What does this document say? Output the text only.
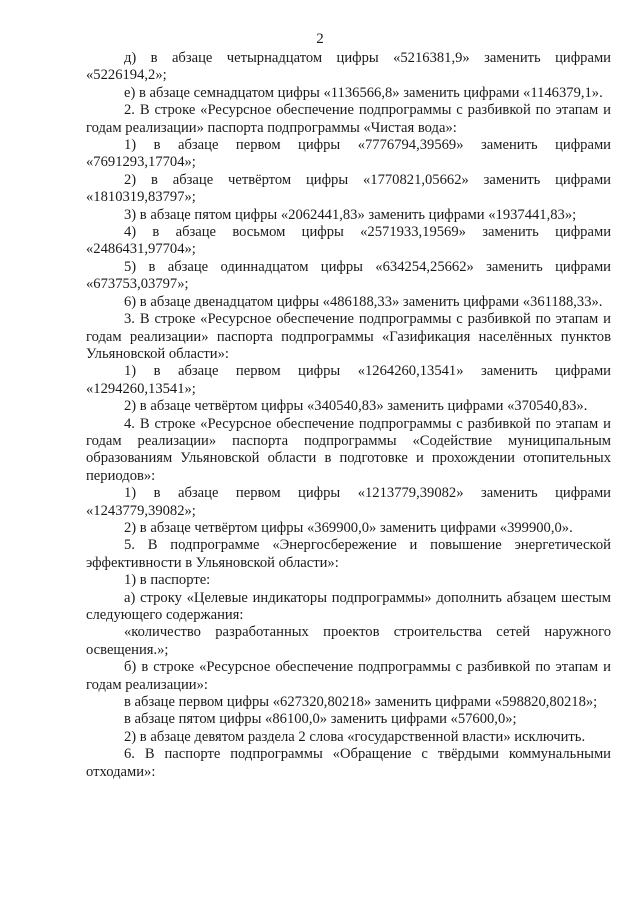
2

д) в абзаце четырнадцатом цифры «5216381,9» заменить цифрами «5226194,2»;

е) в абзаце семнадцатом цифры «1136566,8» заменить цифрами «1146379,1».

2. В строке «Ресурсное обеспечение подпрограммы с разбивкой по этапам и годам реализации» паспорта подпрограммы «Чистая вода»:

1) в абзаце первом цифры «7776794,39569» заменить цифрами «7691293,17704»;

2) в абзаце четвёртом цифры «1770821,05662» заменить цифрами «1810319,83797»;

3) в абзаце пятом цифры «2062441,83» заменить цифрами «1937441,83»;

4) в абзаце восьмом цифры «2571933,19569» заменить цифрами «2486431,97704»;

5) в абзаце одиннадцатом цифры «634254,25662» заменить цифрами «673753,03797»;

6) в абзаце двенадцатом цифры «486188,33» заменить цифрами «361188,33».

3. В строке «Ресурсное обеспечение подпрограммы с разбивкой по этапам и годам реализации» паспорта подпрограммы «Газификация населённых пунктов Ульяновской области»:

1) в абзаце первом цифры «1264260,13541» заменить цифрами «1294260,13541»;

2) в абзаце четвёртом цифры «340540,83» заменить цифрами «370540,83».

4. В строке «Ресурсное обеспечение подпрограммы с разбивкой по этапам и годам реализации» паспорта подпрограммы «Содействие муниципальным образованиям Ульяновской области в подготовке и прохождении отопительных периодов»:

1) в абзаце первом цифры «1213779,39082» заменить цифрами «1243779,39082»;

2) в абзаце четвёртом цифры «369900,0» заменить цифрами «399900,0».

5. В подпрограмме «Энергосбережение и повышение энергетической эффективности в Ульяновской области»:

1) в паспорте:

а) строку «Целевые индикаторы подпрограммы» дополнить абзацем шестым следующего содержания:

«количество разработанных проектов строительства сетей наружного освещения.»;

б) в строке «Ресурсное обеспечение подпрограммы с разбивкой по этапам и годам реализации»:

в абзаце первом цифры «627320,80218» заменить цифрами «598820,80218»;

в абзаце пятом цифры «86100,0» заменить цифрами «57600,0»;

2) в абзаце девятом раздела 2 слова «государственной власти» исключить.

6. В паспорте подпрограммы «Обращение с твёрдыми коммунальными отходами»:
